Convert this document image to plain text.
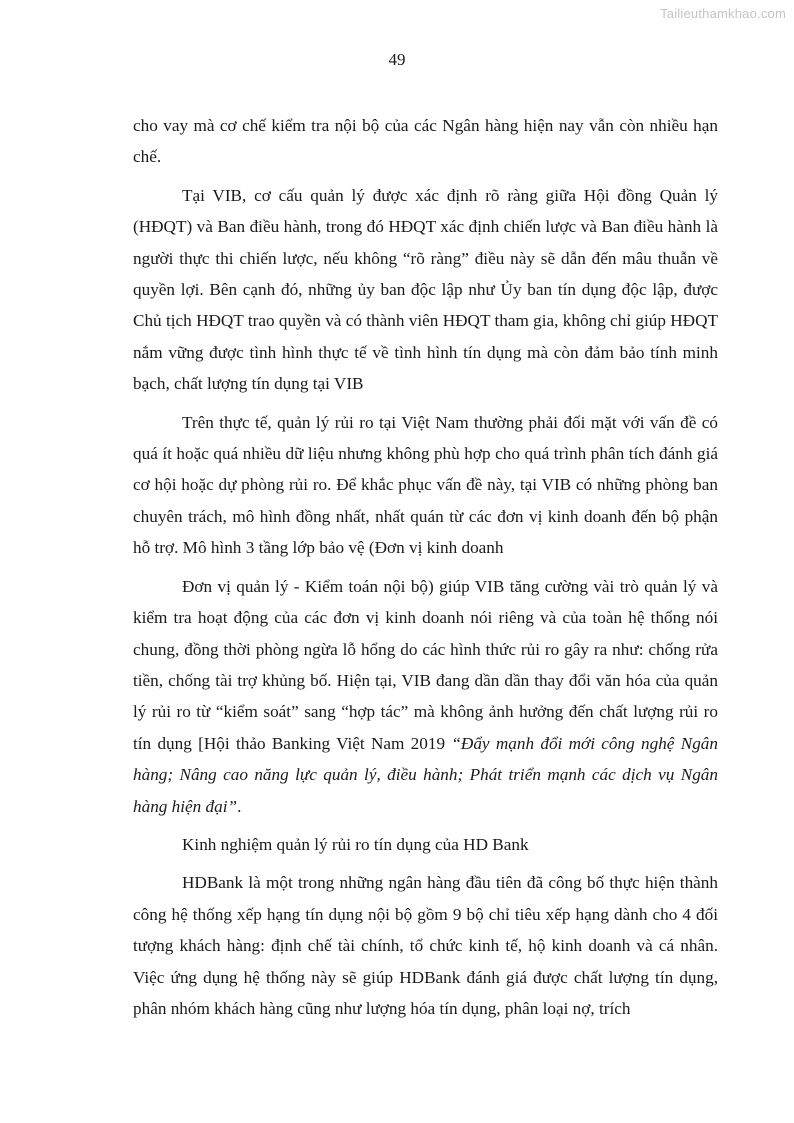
Tailieuthamkhao.com
49

cho vay mà cơ chế kiểm tra nội bộ của các Ngân hàng hiện nay vẫn còn nhiều hạn chế.

Tại VIB, cơ cấu quản lý được xác định rõ ràng giữa Hội đồng Quản lý (HĐQT) và Ban điều hành, trong đó HĐQT xác định chiến lược và Ban điều hành là người thực thi chiến lược, nếu không “rõ ràng” điều này sẽ dẫn đến mâu thuẫn về quyền lợi. Bên cạnh đó, những ủy ban độc lập như Ủy ban tín dụng độc lập, được Chủ tịch HĐQT trao quyền và có thành viên HĐQT tham gia, không chỉ giúp HĐQT nắm vững được tình hình thực tế về tình hình tín dụng mà còn đảm bảo tính minh bạch, chất lượng tín dụng tại VIB

Trên thực tế, quản lý rủi ro tại Việt Nam thường phải đối mặt với vấn đề có quá ít hoặc quá nhiều dữ liệu nhưng không phù hợp cho quá trình phân tích đánh giá cơ hội hoặc dự phòng rủi ro. Để khắc phục vấn đề này, tại VIB có những phòng ban chuyên trách, mô hình đồng nhất, nhất quán từ các đơn vị kinh doanh đến bộ phận hỗ trợ. Mô hình 3 tầng lớp bảo vệ (Đơn vị kinh doanh

Đơn vị quản lý - Kiểm toán nội bộ) giúp VIB tăng cường vài trò quản lý và kiểm tra hoạt động của các đơn vị kinh doanh nói riêng và của toàn hệ thống nói chung, đồng thời phòng ngừa lỗ hổng do các hình thức rủi ro gây ra như: chống rửa tiền, chống tài trợ khủng bố. Hiện tại, VIB đang dần dần thay đổi văn hóa của quản lý rủi ro từ “kiểm soát” sang “hợp tác” mà không ảnh hưởng đến chất lượng rủi ro tín dụng [Hội thảo Banking Việt Nam 2019 “Đẩy mạnh đổi mới công nghệ Ngân hàng; Nâng cao năng lực quản lý, điều hành; Phát triển mạnh các dịch vụ Ngân hàng hiện đại”.

Kinh nghiệm quản lý rủi ro tín dụng của HD Bank

HDBank là một trong những ngân hàng đầu tiên đã công bố thực hiện thành công hệ thống xếp hạng tín dụng nội bộ gồm 9 bộ chỉ tiêu xếp hạng dành cho 4 đối tượng khách hàng: định chế tài chính, tổ chức kinh tế, hộ kinh doanh và cá nhân. Việc ứng dụng hệ thống này sẽ giúp HDBank đánh giá được chất lượng tín dụng, phân nhóm khách hàng cũng như lượng hóa tín dụng, phân loại nợ, trích
